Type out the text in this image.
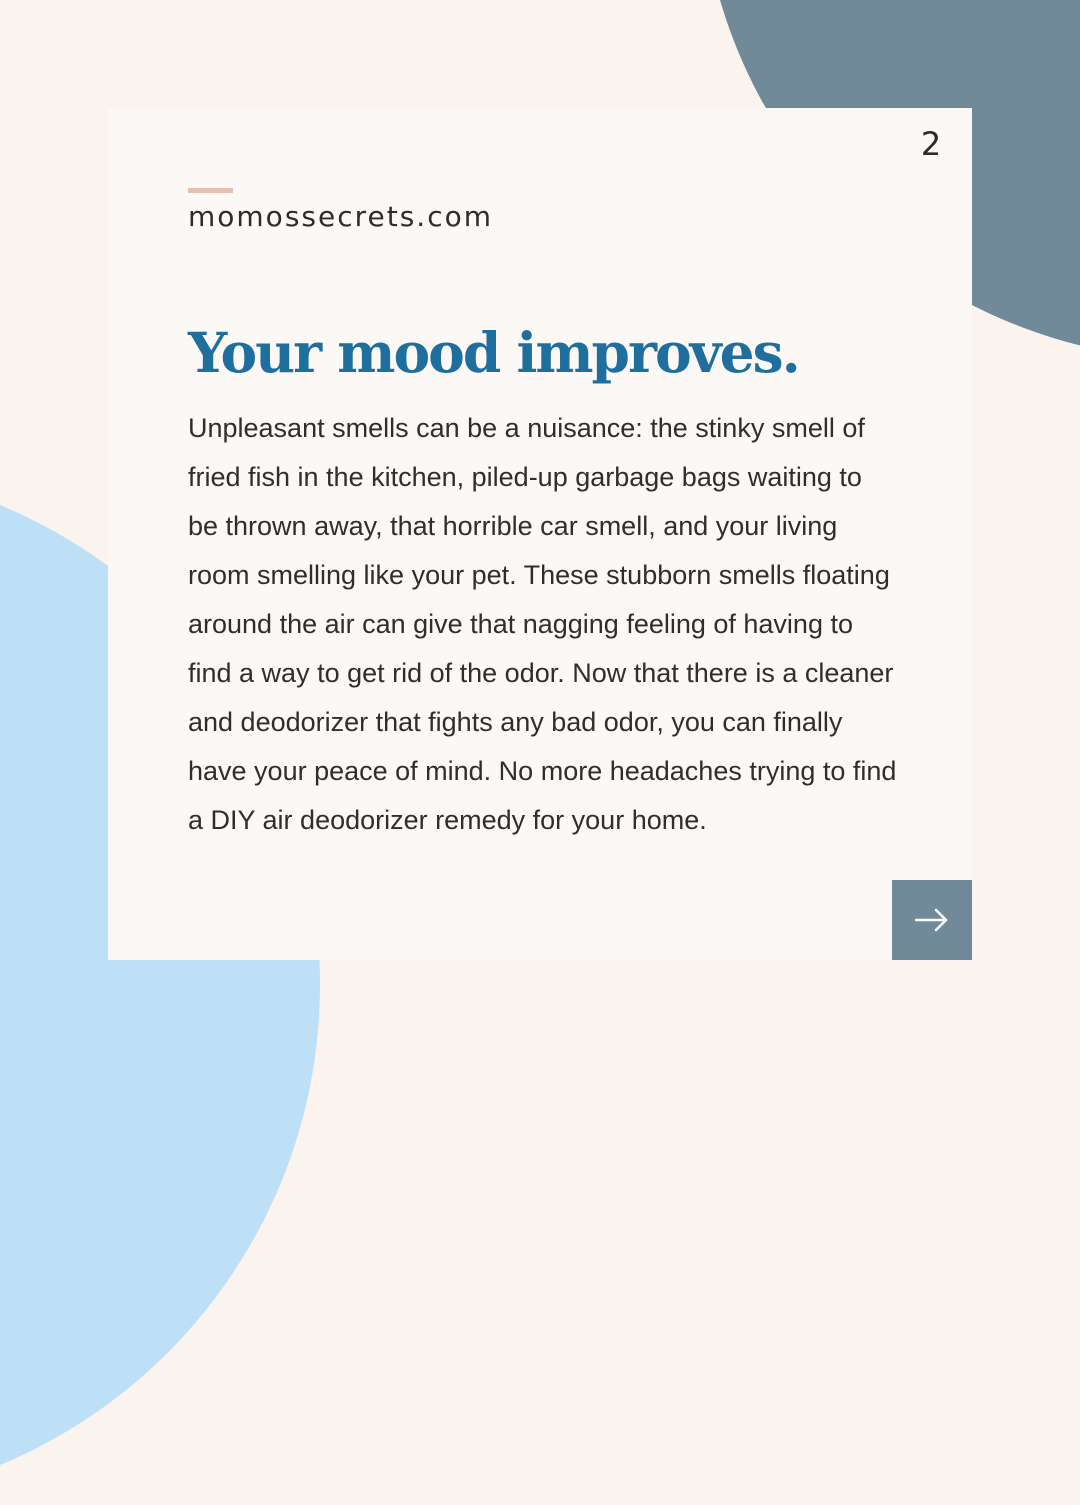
2
momossecrets.com
Your mood improves.

Unpleasant smells can be a nuisance: the stinky smell of fried fish in the kitchen, piled-up garbage bags waiting to be thrown away, that horrible car smell, and your living room smelling like your pet. These stubborn smells floating around the air can give that nagging feeling of having to find a way to get rid of the odor. Now that there is a cleaner and deodorizer that fights any bad odor, you can finally have your peace of mind. No more headaches trying to find a DIY air deodorizer remedy for your home.
